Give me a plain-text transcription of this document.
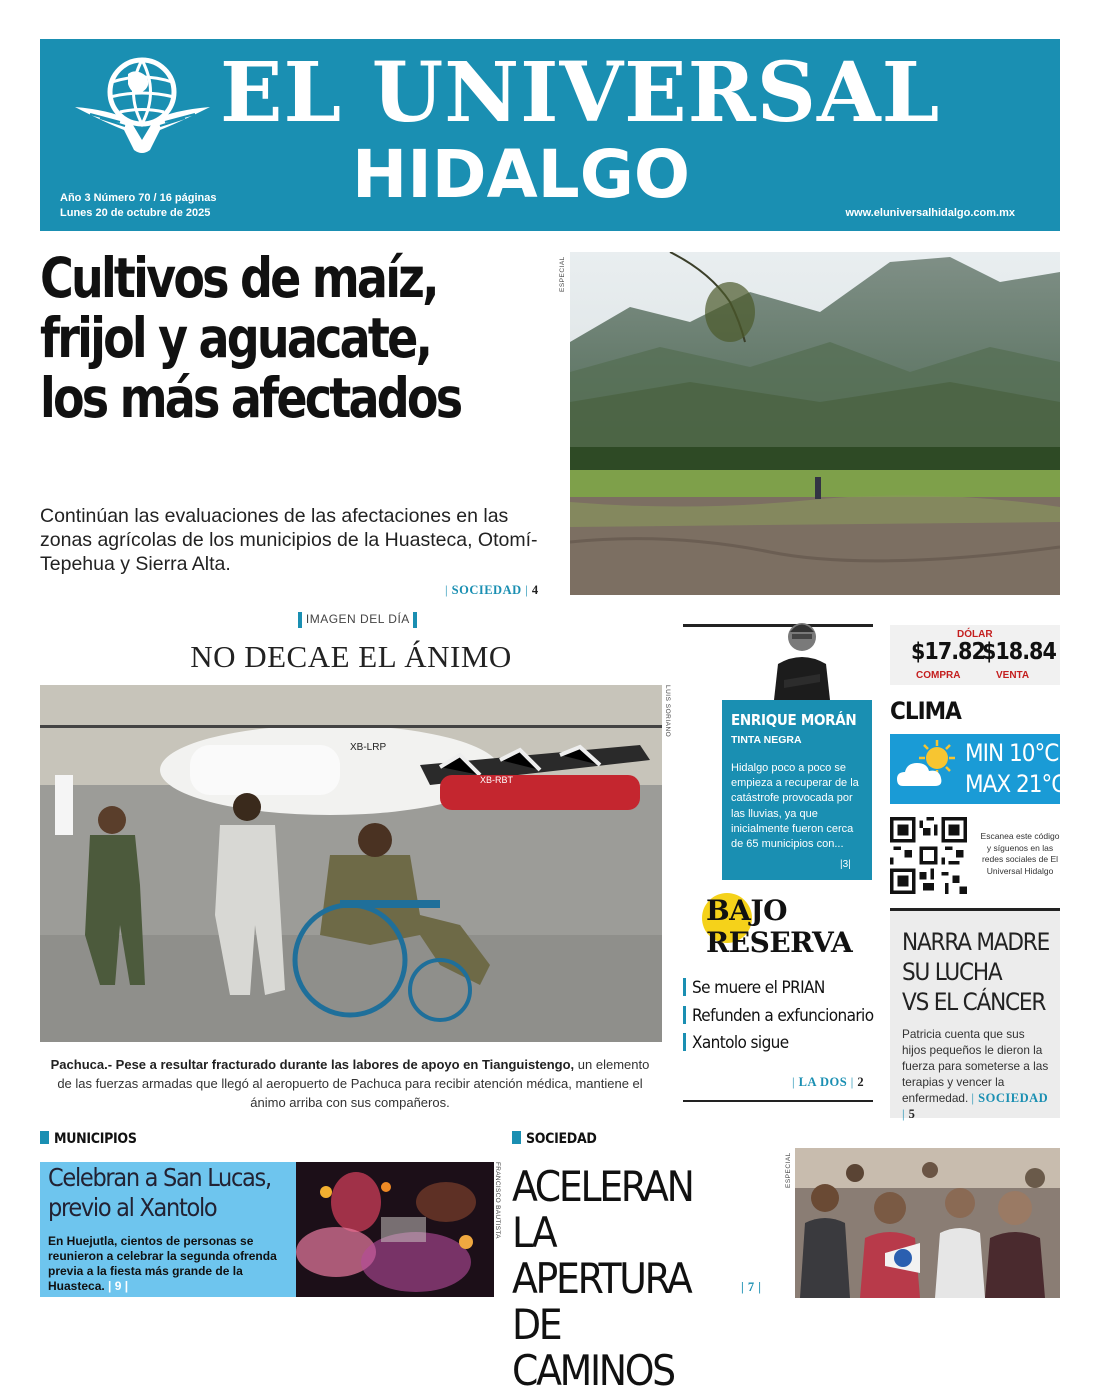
EL UNIVERSAL
HIDALGO
Año 3 Número 70 / 16 páginas
Lunes 20 de octubre de 2025	www.eluniversalhidalgo.com.mx
Cultivos de maíz,
frijol y aguacate,
los más afectados
Continúan las evaluaciones de las afectaciones en las zonas agrícolas de los municipios de la Huasteca, Otomí-Tepehua y Sierra Alta.
| SOCIEDAD | 4
ESPECIAL
IMAGEN DEL DÍA
NO DECAE EL ÁNIMO
XB-LRP
XB-RBT
LUIS SORIANO
Pachuca.- Pese a resultar fracturado durante las labores de apoyo en Tianguistengo, un elemento de las fuerzas armadas que llegó al aeropuerto de Pachuca para recibir atención médica, mantiene el ánimo arriba con sus compañeros.
ENRIQUE MORÁN
TINTA NEGRA
Hidalgo poco a poco se empieza a recuperar de la catástrofe provocada por las lluvias, ya que inicialmente fueron cerca de 65 municipios con...
|3|
DÓLAR
$17.82
$18.84
COMPRA	VENTA
CLIMA
MIN 10°C
MAX 21°C
Escanea este código y síguenos en las redes sociales de El Universal Hidalgo
BAJO
RESERVA
Se muere el PRIAN
Refunden a exfuncionario
Xantolo sigue
| LA DOS | 2
NARRA MADRE
SU LUCHA
VS EL CÁNCER
Patricia cuenta que sus hijos pequeños le dieron la fuerza para someterse a las terapias y vencer la enfermedad. | SOCIEDAD | 5
MUNICIPIOS
Celebran a San Lucas, previo al Xantolo
En Huejutla, cientos de personas se reunieron a celebrar la segunda ofrenda previa a la fiesta más grande de la Huasteca. | 9 |
FRANCISCO BAUTISTA
SOCIEDAD
ACELERAN
LA APERTURA
DE CAMINOS
| 7 |
ESPECIAL
